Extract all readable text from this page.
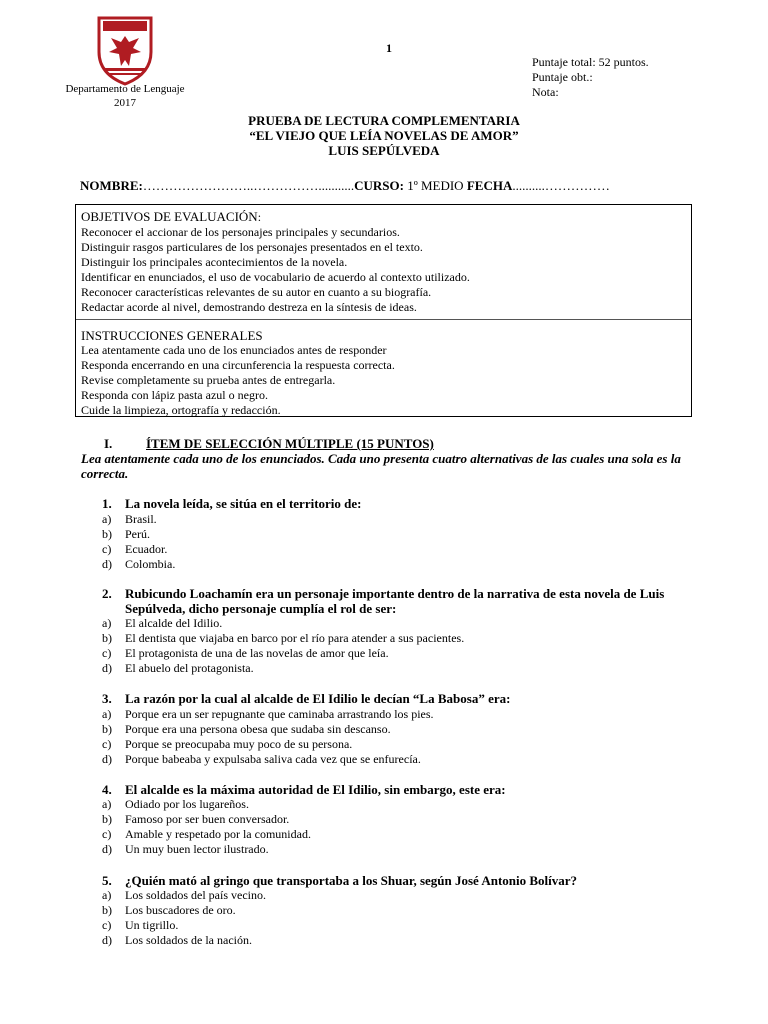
Departamento de Lenguaje
2017
1
Puntaje total: 52 puntos.
Puntaje obt.:
Nota:
PRUEBA DE LECTURA COMPLEMENTARIA
“EL VIEJO QUE LEÍA NOVELAS DE AMOR”
LUIS SEPÚLVEDA
NOMBRE:……………………..……………...........CURSO: 1º MEDIO FECHA..........……………
OBJETIVOS DE EVALUACIÓN:
Reconocer el accionar de los personajes principales y secundarios.
Distinguir rasgos particulares de los personajes presentados en el texto.
Distinguir los principales acontecimientos de la novela.
Identificar en enunciados, el uso de vocabulario de acuerdo al contexto utilizado.
Reconocer características relevantes de su autor en cuanto a su biografía.
Redactar acorde al nivel, demostrando destreza en la síntesis de ideas.
INSTRUCCIONES GENERALES
Lea atentamente cada uno de los enunciados antes de responder
Responda encerrando en una circunferencia la respuesta correcta.
Revise completamente su prueba antes de entregarla.
Responda con lápiz pasta azul o negro.
Cuide la limpieza, ortografía y redacción.
I.	ÍTEM DE SELECCIÓN MÚLTIPLE (15 PUNTOS)
Lea atentamente cada uno de los enunciados. Cada uno presenta cuatro alternativas de las cuales una sola es la correcta.
1. La novela leída, se sitúa en el territorio de:
a) Brasil.
b) Perú.
c) Ecuador.
d) Colombia.
2. Rubicundo Loachamín era un personaje importante dentro de la narrativa de esta novela de Luis Sepúlveda, dicho personaje cumplía el rol de ser:
a) El alcalde del Idilio.
b) El dentista que viajaba en barco por el río para atender a sus pacientes.
c) El protagonista de una de las novelas de amor que leía.
d) El abuelo del protagonista.
3. La razón por la cual al alcalde de El Idilio le decían “La Babosa” era:
a) Porque era un ser repugnante que caminaba arrastrando los pies.
b) Porque era una persona obesa que sudaba sin descanso.
c) Porque se preocupaba muy poco de su persona.
d) Porque babeaba y expulsaba saliva cada vez que se enfurecía.
4. El alcalde es la máxima autoridad de El Idilio, sin embargo, este era:
a) Odiado por los lugareños.
b) Famoso por ser buen conversador.
c) Amable y respetado por la comunidad.
d) Un muy buen lector ilustrado.
5. ¿Quién mató al gringo que transportaba a los Shuar, según José Antonio Bolívar?
a) Los soldados del país vecino.
b) Los buscadores de oro.
c) Un tigrillo.
d) Los soldados de la nación.
